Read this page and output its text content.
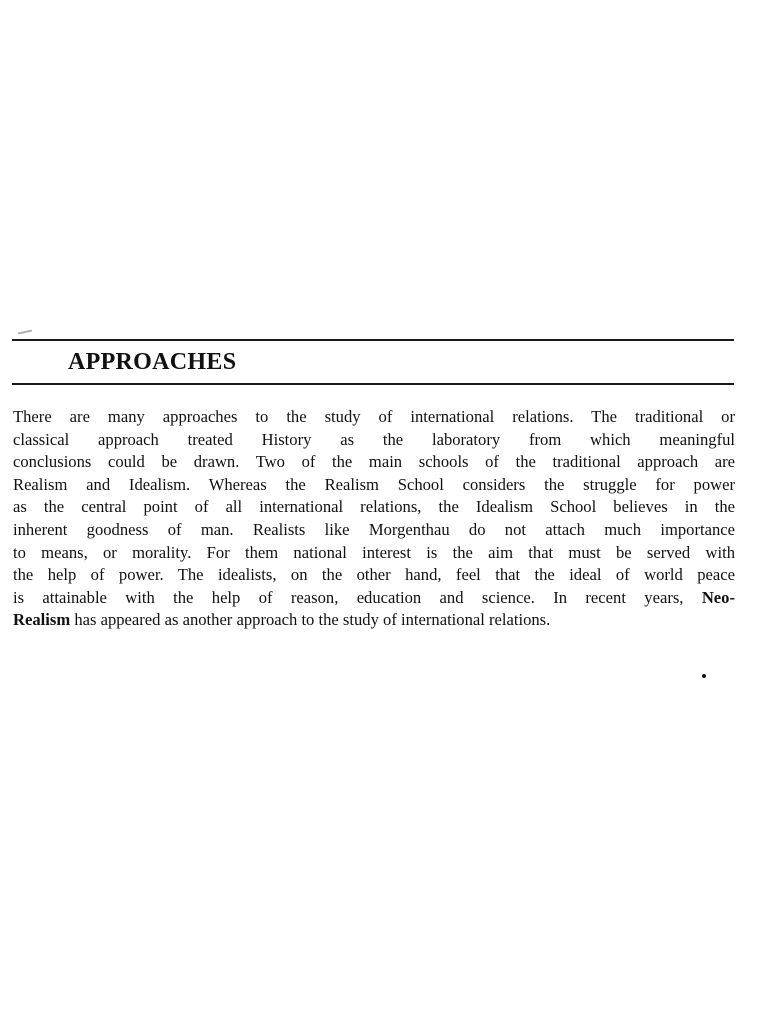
APPROACHES

There are many approaches to the study of international relations. The traditional or
classical approach treated History as the laboratory from which meaningful
conclusions could be drawn. Two of the main schools of the traditional approach are
Realism and Idealism. Whereas the Realism School considers the struggle for power
as the central point of all international relations, the Idealism School believes in the
inherent goodness of man. Realists like Morgenthau do not attach much importance
to means, or morality. For them national interest is the aim that must be served with
the help of power. The idealists, on the other hand, feel that the ideal of world peace
is attainable with the help of reason, education and science. In recent years, Neo-
Realism has appeared as another approach to the study of international relations.
